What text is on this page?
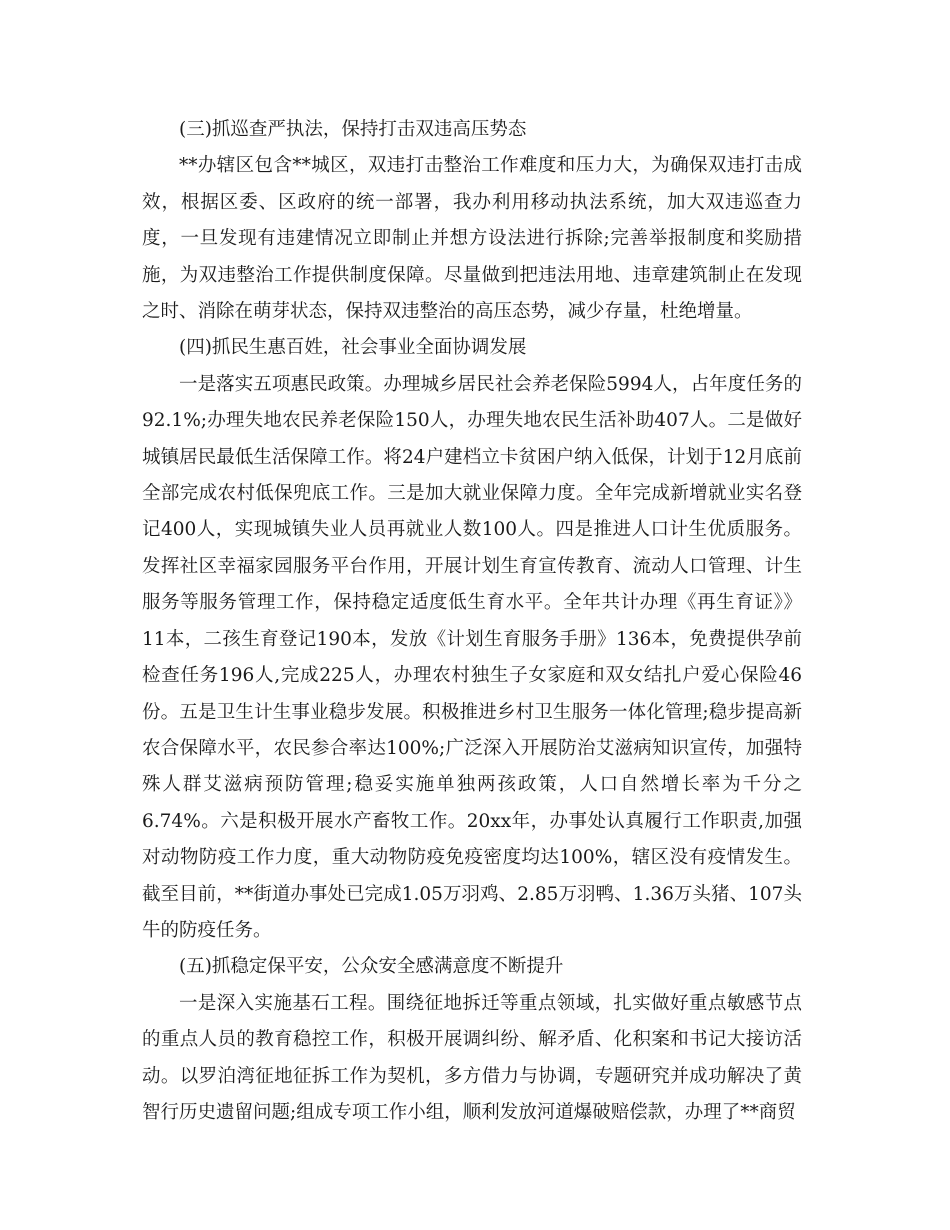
(三)抓巡查严执法，保持打击双违高压势态

**办辖区包含**城区，双违打击整治工作难度和压力大，为确保双违打击成效，根据区委、区政府的统一部署，我办利用移动执法系统，加大双违巡查力度，一旦发现有违建情况立即制止并想方设法进行拆除;完善举报制度和奖励措施，为双违整治工作提供制度保障。尽量做到把违法用地、违章建筑制止在发现之时、消除在萌芽状态，保持双违整治的高压态势，减少存量，杜绝增量。

(四)抓民生惠百姓，社会事业全面协调发展

一是落实五项惠民政策。办理城乡居民社会养老保险5994人，占年度任务的92.1%;办理失地农民养老保险150人，办理失地农民生活补助407人。二是做好城镇居民最低生活保障工作。将24户建档立卡贫困户纳入低保，计划于12月底前全部完成农村低保兜底工作。三是加大就业保障力度。全年完成新增就业实名登记400人，实现城镇失业人员再就业人数100人。四是推进人口计生优质服务。发挥社区幸福家园服务平台作用，开展计划生育宣传教育、流动人口管理、计生服务等服务管理工作，保持稳定适度低生育水平。全年共计办理《再生育证》》11本，二孩生育登记190本，发放《计划生育服务手册》136本，免费提供孕前检查任务196人,完成225人，办理农村独生子女家庭和双女结扎户爱心保险46份。五是卫生计生事业稳步发展。积极推进乡村卫生服务一体化管理;稳步提高新农合保障水平，农民参合率达100%;广泛深入开展防治艾滋病知识宣传，加强特殊人群艾滋病预防管理;稳妥实施单独两孩政策，人口自然增长率为千分之6.74%。六是积极开展水产畜牧工作。20xx年，办事处认真履行工作职责,加强对动物防疫工作力度，重大动物防疫免疫密度均达100%，辖区没有疫情发生。截至目前，**街道办事处已完成1.05万羽鸡、2.85万羽鸭、1.36万头猪、107头牛的防疫任务。

(五)抓稳定保平安，公众安全感满意度不断提升

一是深入实施基石工程。围绕征地拆迁等重点领域，扎实做好重点敏感节点的重点人员的教育稳控工作，积极开展调纠纷、解矛盾、化积案和书记大接访活动。以罗泊湾征地征拆工作为契机，多方借力与协调，专题研究并成功解决了黄智行历史遗留问题;组成专项工作小组，顺利发放河道爆破赔偿款，办理了**商贸
